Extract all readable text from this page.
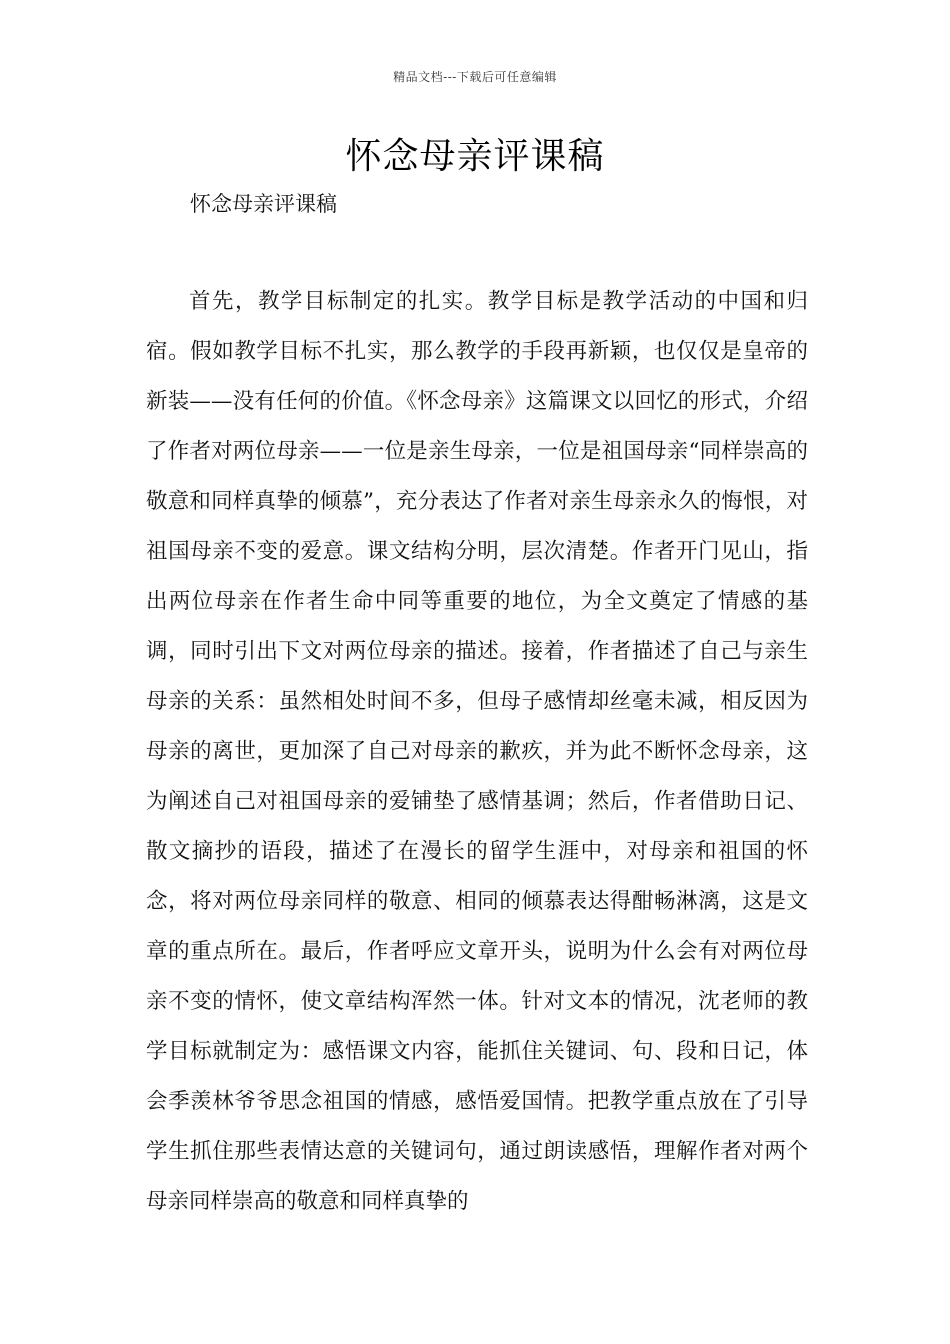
精品文档---下载后可任意编辑
怀念母亲评课稿

怀念母亲评课稿

首先，教学目标制定的扎实。教学目标是教学活动的中国和归宿。假如教学目标不扎实，那么教学的手段再新颖，也仅仅是皇帝的新装——没有任何的价值。《怀念母亲》这篇课文以回忆的形式，介绍了作者对两位母亲——一位是亲生母亲，一位是祖国母亲“同样崇高的敬意和同样真挚的倾慕”，充分表达了作者对亲生母亲永久的悔恨，对祖国母亲不变的爱意。课文结构分明，层次清楚。作者开门见山，指出两位母亲在作者生命中同等重要的地位，为全文奠定了情感的基调，同时引出下文对两位母亲的描述。接着，作者描述了自己与亲生母亲的关系：虽然相处时间不多，但母子感情却丝毫未减，相反因为母亲的离世，更加深了自己对母亲的歉疚，并为此不断怀念母亲，这为阐述自己对祖国母亲的爱铺垫了感情基调；然后，作者借助日记、散文摘抄的语段，描述了在漫长的留学生涯中，对母亲和祖国的怀念，将对两位母亲同样的敬意、相同的倾慕表达得酣畅淋漓，这是文章的重点所在。最后，作者呼应文章开头，说明为什么会有对两位母亲不变的情怀，使文章结构浑然一体。针对文本的情况，沈老师的教学目标就制定为：感悟课文内容，能抓住关键词、句、段和日记，体会季羡林爷爷思念祖国的情感，感悟爱国情。把教学重点放在了引导学生抓住那些表情达意的关键词句，通过朗读感悟，理解作者对两个母亲同样崇高的敬意和同样真挚的
